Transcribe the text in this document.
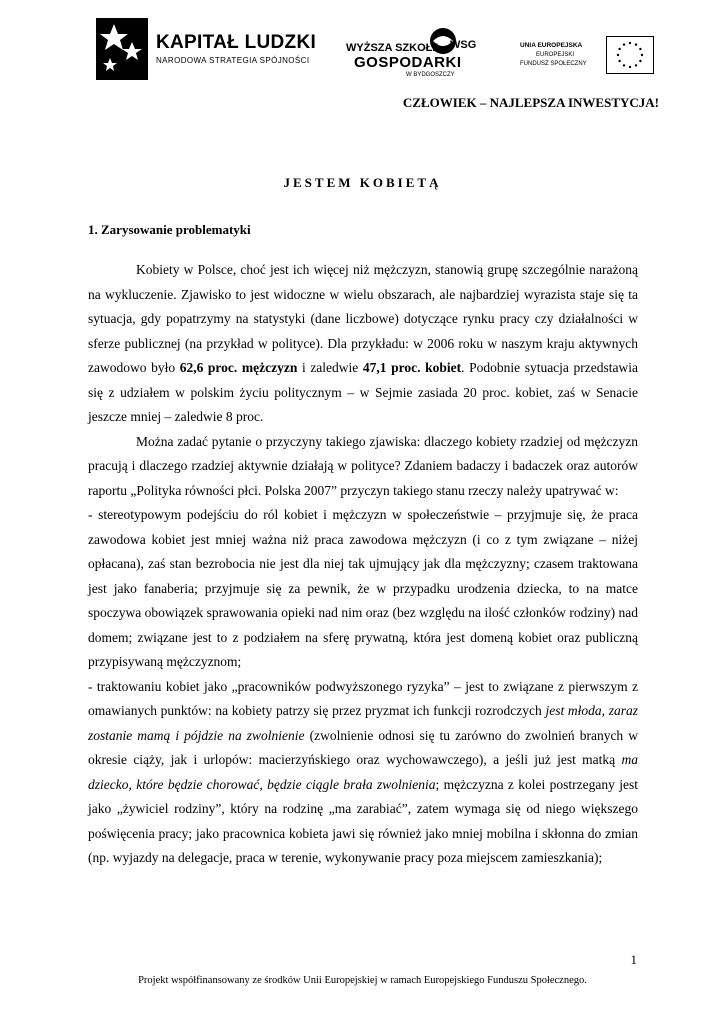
KAPITAŁ LUDZKI
NARODOWA STRATEGIA SPÓJNOŚCI
WSG
WYŻSZA SZKOŁA
GOSPODARKI
W BYDGOSZCZY
UNIA EUROPEJSKA
EUROPEJSKI
FUNDUSZ SPOŁECZNY
CZŁOWIEK – NAJLEPSZA INWESTYCJA!
JESTEM KOBIETĄ
1. Zarysowanie problematyki

Kobiety w Polsce, choć jest ich więcej niż mężczyzn, stanowią grupę szczególnie narażoną na wykluczenie. Zjawisko to jest widoczne w wielu obszarach, ale najbardziej wyrazista staje się ta sytuacja, gdy popatrzymy na statystyki (dane liczbowe) dotyczące rynku pracy czy działalności w sferze publicznej (na przykład w polityce). Dla przykładu: w 2006 roku w naszym kraju aktywnych zawodowo było 62,6 proc. mężczyzn i zaledwie 47,1 proc. kobiet. Podobnie sytuacja przedstawia się z udziałem w polskim życiu politycznym – w Sejmie zasiada 20 proc. kobiet, zaś w Senacie jeszcze mniej – zaledwie 8 proc.

Można zadać pytanie o przyczyny takiego zjawiska: dlaczego kobiety rzadziej od mężczyzn pracują i dlaczego rzadziej aktywnie działają w polityce? Zdaniem badaczy i badaczek oraz autorów raportu „Polityka równości płci. Polska 2007” przyczyn takiego stanu rzeczy należy upatrywać w:

- stereotypowym podejściu do ról kobiet i mężczyzn w społeczeństwie – przyjmuje się, że praca zawodowa kobiet jest mniej ważna niż praca zawodowa mężczyzn (i co z tym związane – niżej opłacana), zaś stan bezrobocia nie jest dla niej tak ujmujący jak dla mężczyzny; czasem traktowana jest jako fanaberia; przyjmuje się za pewnik, że w przypadku urodzenia dziecka, to na matce spoczywa obowiązek sprawowania opieki nad nim oraz (bez względu na ilość członków rodziny) nad domem; związane jest to z podziałem na sferę prywatną, która jest domeną kobiet oraz publiczną przypisywaną mężczyznom;

- traktowaniu kobiet jako „pracowników podwyższonego ryzyka” – jest to związane z pierwszym z omawianych punktów: na kobiety patrzy się przez pryzmat ich funkcji rozrodczych jest młoda, zaraz zostanie mamą i pójdzie na zwolnienie (zwolnienie odnosi się tu zarówno do zwolnień branych w okresie ciąży, jak i urlopów: macierzyńskiego oraz wychowawczego), a jeśli już jest matką ma dziecko, które będzie chorować, będzie ciągle brała zwolnienia; mężczyzna z kolei postrzegany jest jako „żywiciel rodziny”, który na rodzinę „ma zarabiać”, zatem wymaga się od niego większego poświęcenia pracy; jako pracownica kobieta jawi się również jako mniej mobilna i skłonna do zmian (np. wyjazdy na delegacje, praca w terenie, wykonywanie pracy poza miejscem zamieszkania);

1
Projekt współfinansowany ze środków Unii Europejskiej w ramach Europejskiego Funduszu Społecznego.
